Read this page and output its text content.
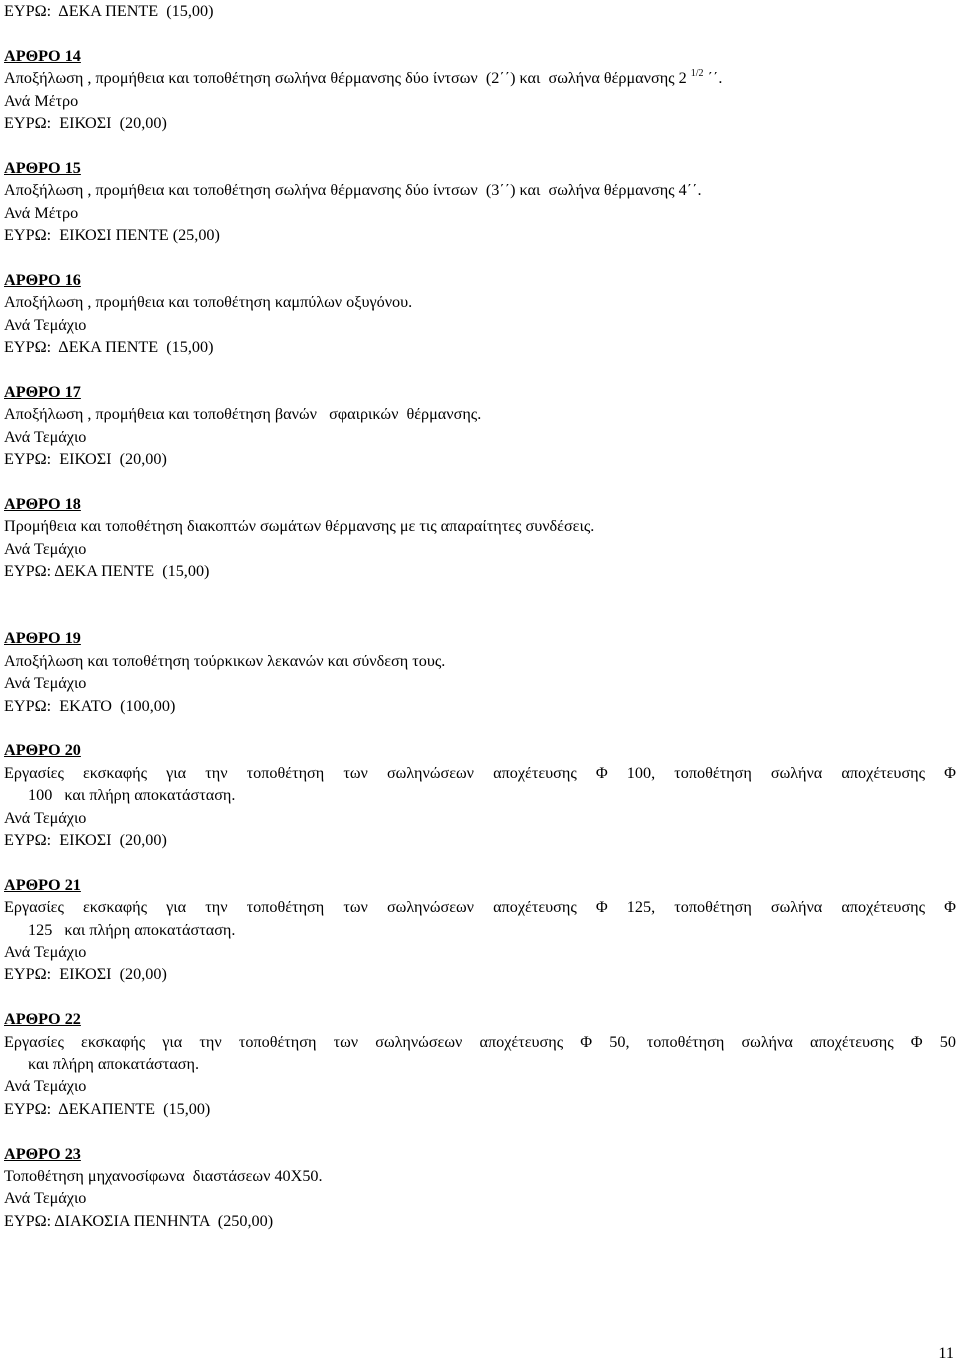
ΕΥΡΩ:  ΔΕΚΑ ΠΕΝΤΕ  (15,00)
ΑΡΘΡΟ 14
Αποξήλωση , προμήθεια και τοποθέτηση σωλήνα θέρμανσης δύο ίντσων  (2΄΄) και  σωλήνα θέρμανσης 2 $^{1/2}$ ΄΄.
Ανά Μέτρο
ΕΥΡΩ:  ΕΙΚΟΣΙ  (20,00)
ΑΡΘΡΟ 15
Αποξήλωση , προμήθεια και τοποθέτηση σωλήνα θέρμανσης δύο ίντσων  (3΄΄) και  σωλήνα θέρμανσης 4΄΄.
Ανά Μέτρο
ΕΥΡΩ:  ΕΙΚΟΣΙ ΠΕΝΤΕ (25,00)
ΑΡΘΡΟ 16
Αποξήλωση , προμήθεια και τοποθέτηση καμπύλων οξυγόνου.
Ανά Τεμάχιο
ΕΥΡΩ:  ΔΕΚΑ ΠΕΝΤΕ  (15,00)
ΑΡΘΡΟ 17
Αποξήλωση , προμήθεια και τοποθέτηση βανών   σφαιρικών  θέρμανσης.
Ανά Τεμάχιο
ΕΥΡΩ:  ΕΙΚΟΣΙ  (20,00)
ΑΡΘΡΟ 18
Προμήθεια και τοποθέτηση διακοπτών σωμάτων θέρμανσης με τις απαραίτητες συνδέσεις.
Ανά Τεμάχιο
ΕΥΡΩ: ΔΕΚΑ ΠΕΝΤΕ  (15,00)
ΑΡΘΡΟ 19
Αποξήλωση και τοποθέτηση τούρκικων λεκανών και σύνδεση τους.
Ανά Τεμάχιο
ΕΥΡΩ:  ΕΚΑΤΟ  (100,00)
ΑΡΘΡΟ 20
Εργασίες εκσκαφής για την τοποθέτηση των σωληνώσεων αποχέτευσης Φ 100, τοποθέτηση σωλήνα αποχέτευσης Φ
100   και πλήρη αποκατάσταση.
Ανά Τεμάχιο
ΕΥΡΩ:  ΕΙΚΟΣΙ  (20,00)
ΑΡΘΡΟ 21
Εργασίες εκσκαφής για την τοποθέτηση των σωληνώσεων αποχέτευσης Φ 125, τοποθέτηση σωλήνα αποχέτευσης Φ
125   και πλήρη αποκατάσταση.
Ανά Τεμάχιο
ΕΥΡΩ:  ΕΙΚΟΣΙ  (20,00)
ΑΡΘΡΟ 22
Εργασίες εκσκαφής για την τοποθέτηση των σωληνώσεων αποχέτευσης Φ 50, τοποθέτηση σωλήνα αποχέτευσης Φ 50
και πλήρη αποκατάσταση.
Ανά Τεμάχιο
ΕΥΡΩ:  ΔΕΚΑΠΕΝΤΕ  (15,00)
ΑΡΘΡΟ 23
Τοποθέτηση μηχανοσίφωνα  διαστάσεων 40Χ50.
Ανά Τεμάχιο
ΕΥΡΩ: ΔΙΑΚΟΣΙΑ ΠΕΝΗΝΤΑ  (250,00)
11
